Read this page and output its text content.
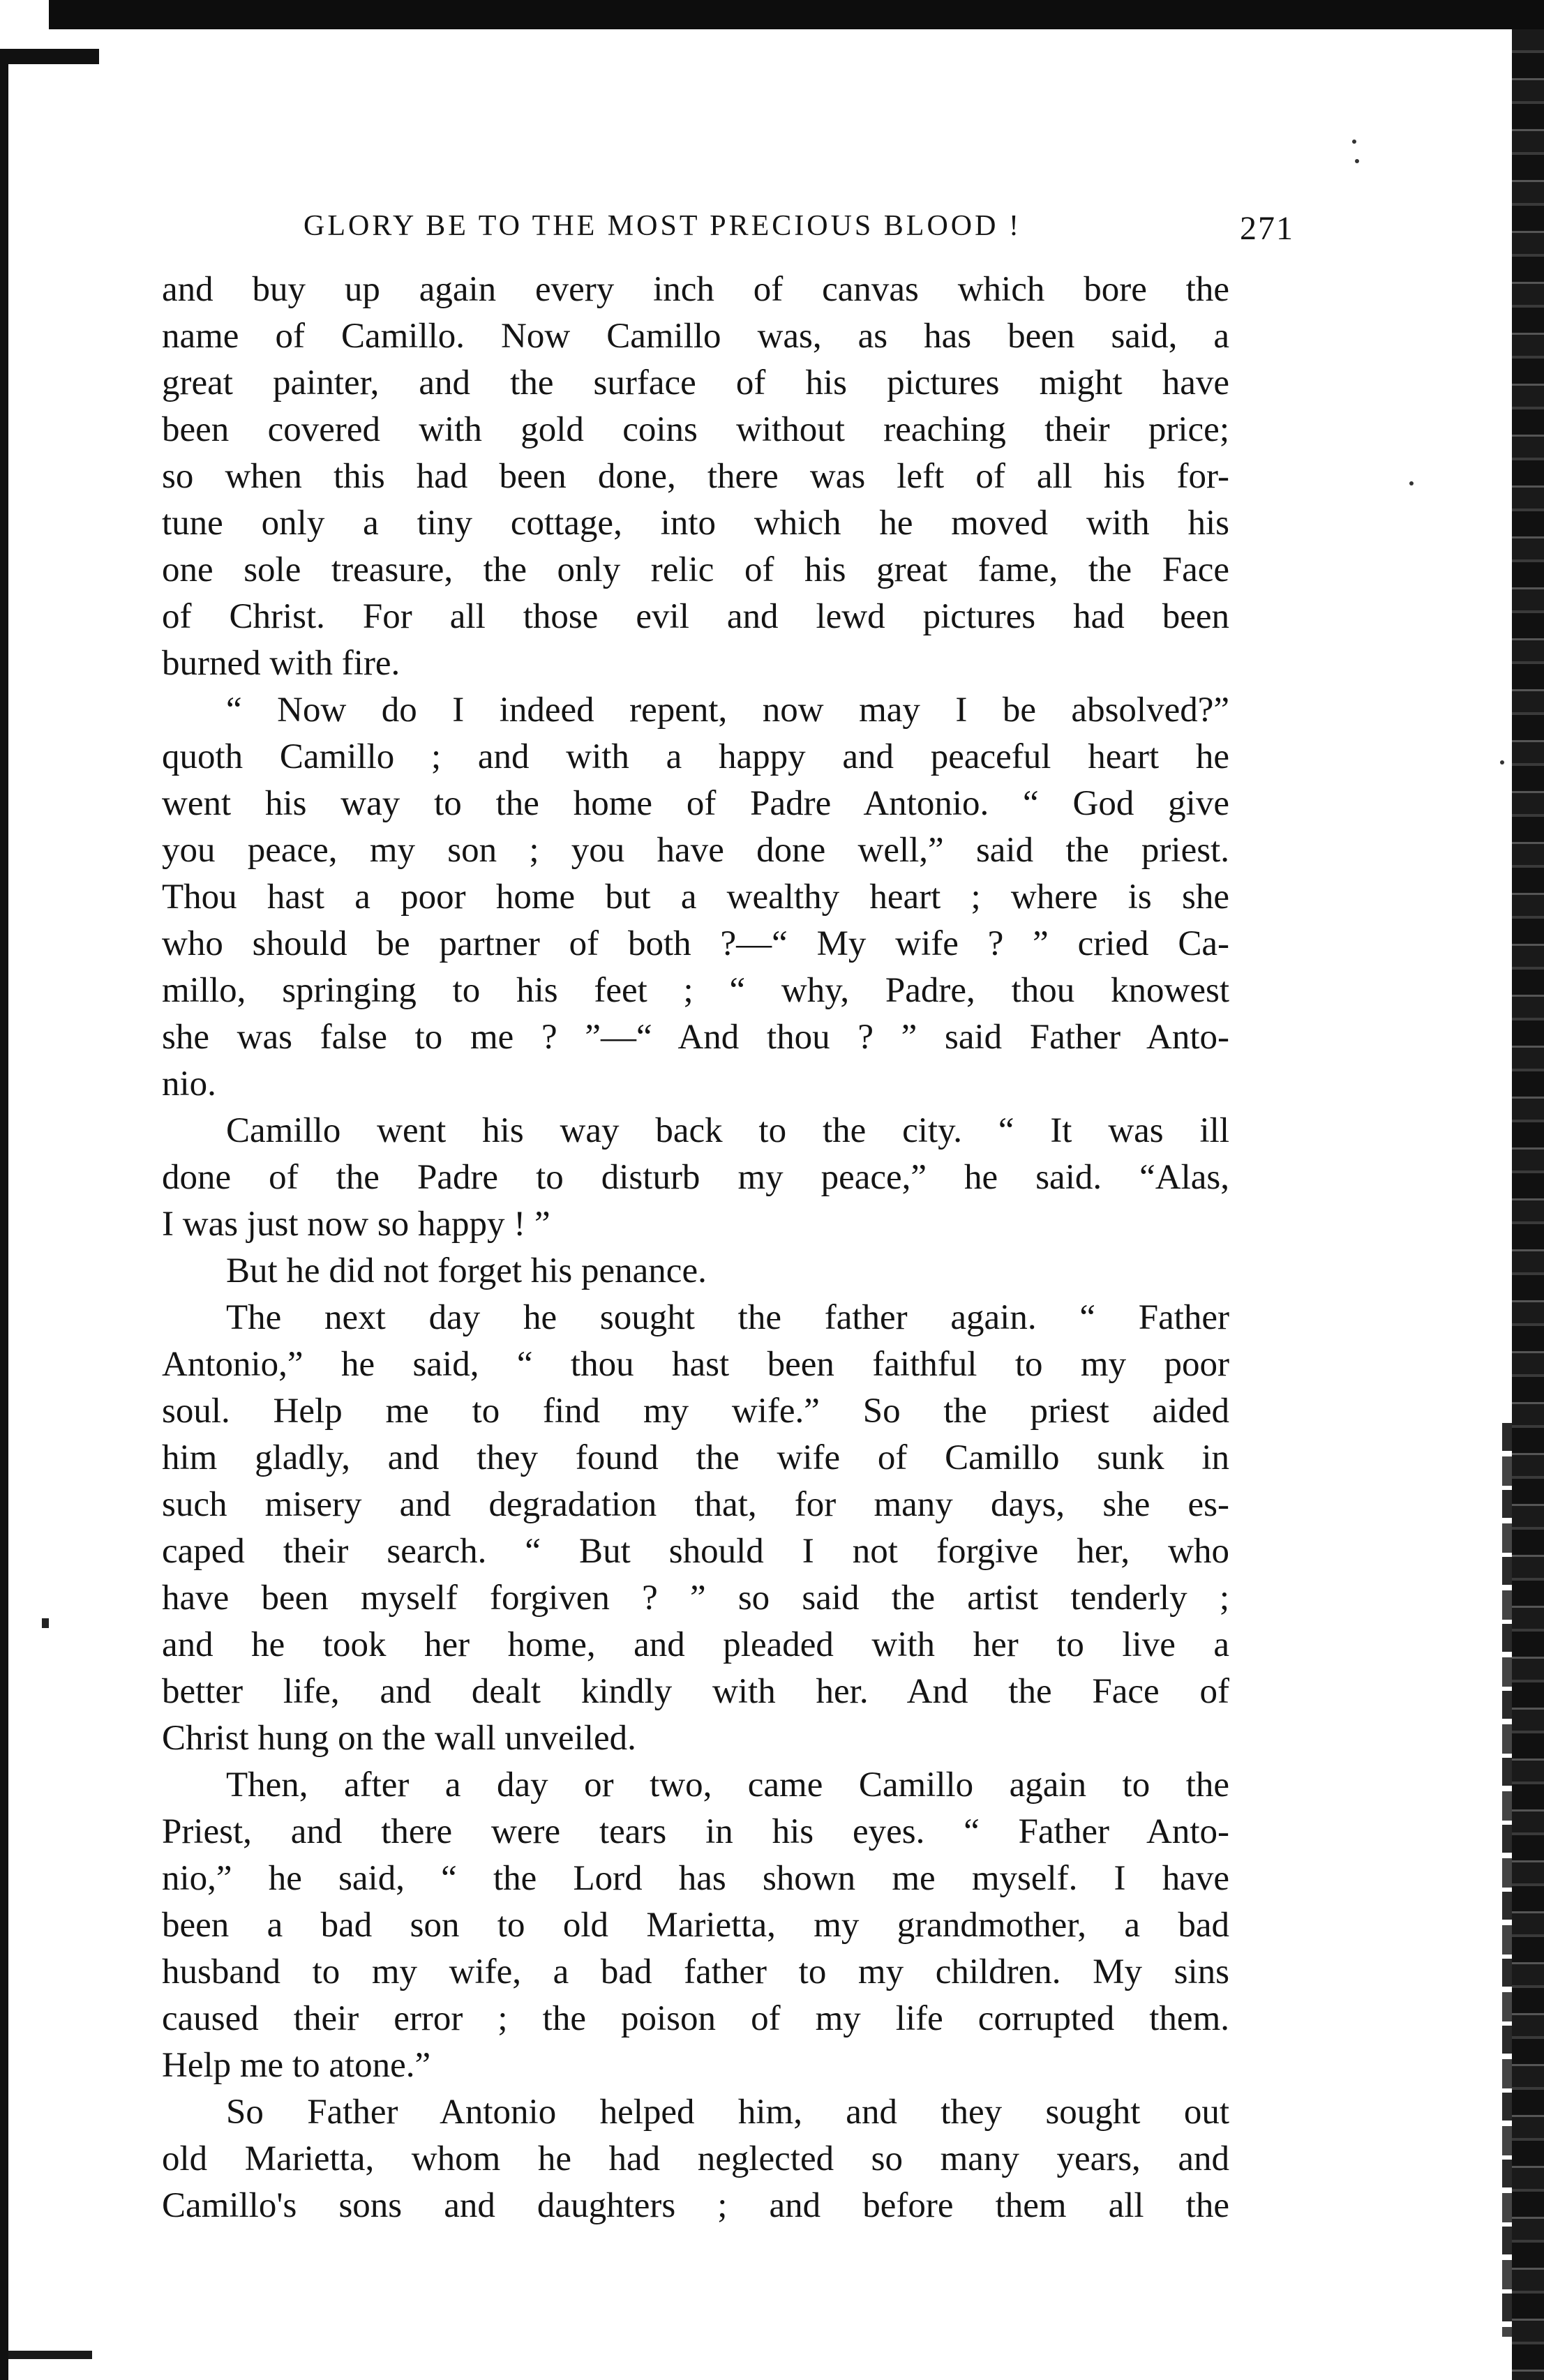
GLORY BE TO THE MOST PRECIOUS BLOOD !	271
and buy up again every inch of canvas which bore the
name of Camillo. Now Camillo was, as has been said, a
great painter, and the surface of his pictures might have
been covered with gold coins without reaching their price;
so when this had been done, there was left of all his for-
tune only a tiny cottage, into which he moved with his
one sole treasure, the only relic of his great fame, the Face
of Christ. For all those evil and lewd pictures had been
burned with fire.
“ Now do I indeed repent, now may I be absolved?”
quoth Camillo ; and with a happy and peaceful heart he
went his way to the home of Padre Antonio. “ God give
you peace, my son ; you have done well,” said the priest.
Thou hast a poor home but a wealthy heart ; where is she
who should be partner of both ?—“ My wife ? ” cried Ca-
millo, springing to his feet ; “ why, Padre, thou knowest
she was false to me ? ”—“ And thou ? ” said Father Anto-
nio.
Camillo went his way back to the city. “ It was ill
done of the Padre to disturb my peace,” he said. “Alas,
I was just now so happy ! ”
But he did not forget his penance.
The next day he sought the father again. “ Father
Antonio,” he said, “ thou hast been faithful to my poor
soul. Help me to find my wife.” So the priest aided
him gladly, and they found the wife of Camillo sunk in
such misery and degradation that, for many days, she es-
caped their search. “ But should I not forgive her, who
have been myself forgiven ? ” so said the artist tenderly ;
and he took her home, and pleaded with her to live a
better life, and dealt kindly with her. And the Face of
Christ hung on the wall unveiled.
Then, after a day or two, came Camillo again to the
Priest, and there were tears in his eyes. “ Father Anto-
nio,” he said, “ the Lord has shown me myself. I have
been a bad son to old Marietta, my grandmother, a bad
husband to my wife, a bad father to my children. My sins
caused their error ; the poison of my life corrupted them.
Help me to atone.”
So Father Antonio helped him, and they sought out
old Marietta, whom he had neglected so many years, and
Camillo's sons and daughters ; and before them all the
